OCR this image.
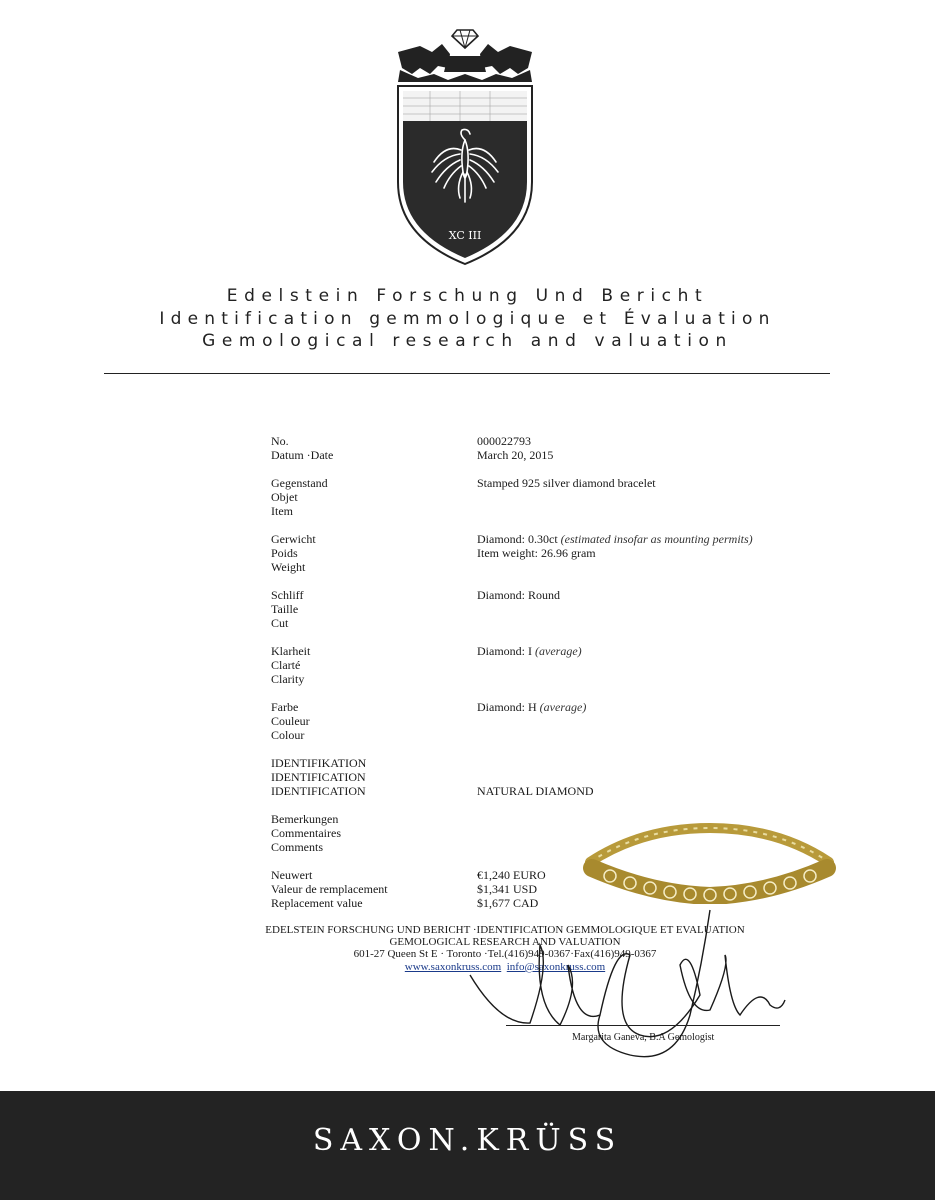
XC III
Edelstein Forschung Und Bericht
Identification gemmologique et Évaluation
Gemological research and valuation
No.
Datum ·Date
000022793
March 20, 2015
Gegenstand
Objet
Item
Stamped 925 silver diamond bracelet
Gerwicht
Poids
Weight
Diamond: 0.30ct (estimated insofar as mounting permits)
Item weight: 26.96 gram
Schliff
Taille
Cut
Diamond: Round
Klarheit
Clarté
Clarity
Diamond: I (average)
Farbe
Couleur
Colour
Diamond: H (average)
IDENTIFIKATION
IDENTIFICATION
IDENTIFICATION	NATURAL DIAMOND
Bemerkungen
Commentaires
Comments
Neuwert
Valeur de remplacement
Replacement value
€1,240 EURO
$1,341 USD
$1,677 CAD
EDELSTEIN FORSCHUNG UND BERICHT ·IDENTIFICATION GEMMOLOGIQUE ET EVALUATION
GEMOLOGICAL RESEARCH AND VALUATION
601-27 Queen St E · Toronto ·Tel.(416)949-0367·Fax(416)949-0367
www.saxonkruss.com info@saxonkruss.com
Margarita Ganeva, B.A Gemologist
SAXON.KRÜSS
